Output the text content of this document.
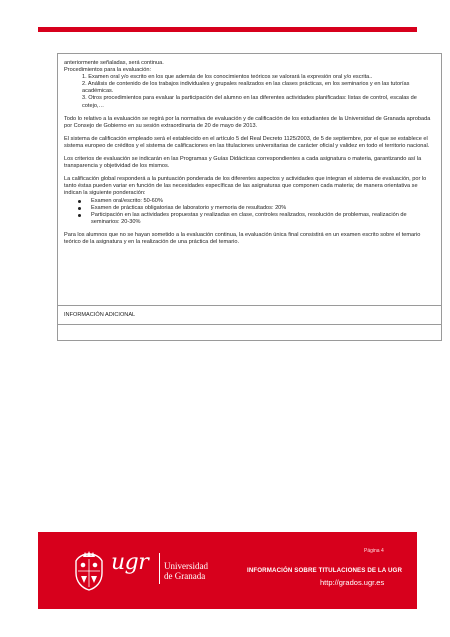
anteriormente señaladas, será continua.

Procedimientos para la evaluación:

1. Examen oral y/o escrito en los que además de los conocimientos teóricos se valorará la expresión oral y/o escrita..

2. Análisis de contenido de los trabajos individuales y grupales realizados en las clases prácticas, en los seminarios y en las tutorías académicas.

3. Otros procedimientos para evaluar la participación del alumno en las diferentes actividades planificadas: listas de control, escalas de cotejo,…

Todo lo relativo a la evaluación se regirá por la normativa de evaluación y de calificación de los estudiantes de la Universidad de Granada aprobada por Consejo de Gobierno en su sesión extraordinaria de 20 de mayo de 2013.

El sistema de calificación empleado será el establecido en el artículo 5 del Real Decreto 1125/2003, de 5 de septiembre, por el que se establece el sistema europeo de créditos y el sistema de calificaciones en las titulaciones universitarias de carácter oficial y validez en todo el territorio nacional.

Los criterios de evaluación se indicarán en las Programas y Guías Didácticas correspondientes a cada asignatura o materia, garantizando así la transparencia y objetividad de los mismos.

La calificación global responderá a la puntuación ponderada de los diferentes aspectos y actividades que integran el sistema de evaluación, por lo tanto éstas pueden variar en función de las necesidades específicas de las asignaturas que componen cada materia; de manera orientativa se indican la siguiente ponderación:

Examen oral/escrito: 50-60%
Examen de prácticas obligatorias de laboratorio y memoria de resultados: 20%
Participación en las actividades propuestas y realizadas en clase, controles realizados, resolución de problemas, realización de seminarios: 20-30%

Para los alumnos que no se hayan sometido a la evaluación continua, la evaluación única final consistirá en un examen escrito sobre el temario teórico de la asignatura y en la realización de una práctica del temario.

INFORMACIÓN ADICIONAL
Página 4
ugr Universidad
de Granada
INFORMACIÓN SOBRE TITULACIONES DE LA UGR
http://grados.ugr.es
